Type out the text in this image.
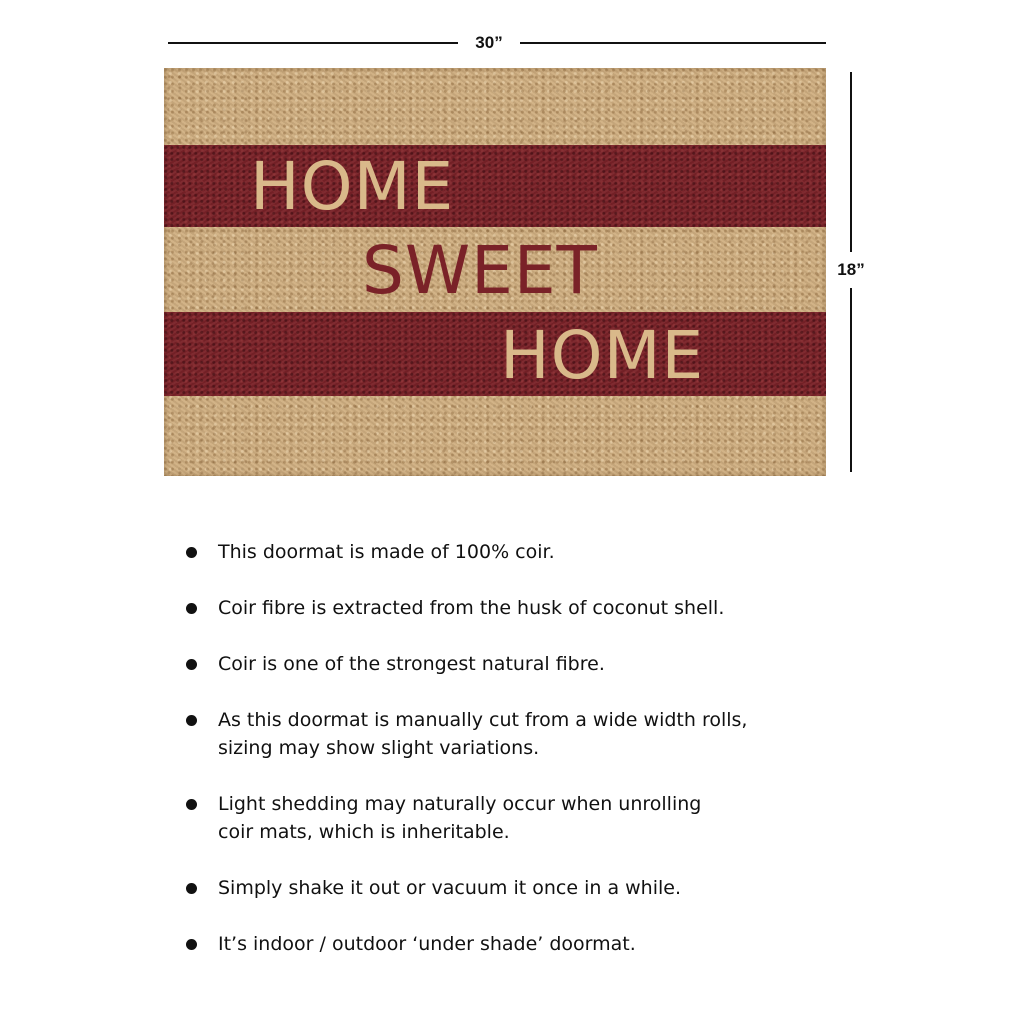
30”
18”
HOME
SWEET
HOME
This doormat is made of 100% coir.
Coir fibre is extracted from the husk of coconut shell.
Coir is one of the strongest natural fibre.
As this doormat is manually cut from a wide width rolls,
sizing may show slight variations.
Light shedding may naturally occur when unrolling
coir mats, which is inheritable.
Simply shake it out or vacuum it once in a while.
It’s indoor / outdoor ‘under shade’ doormat.
